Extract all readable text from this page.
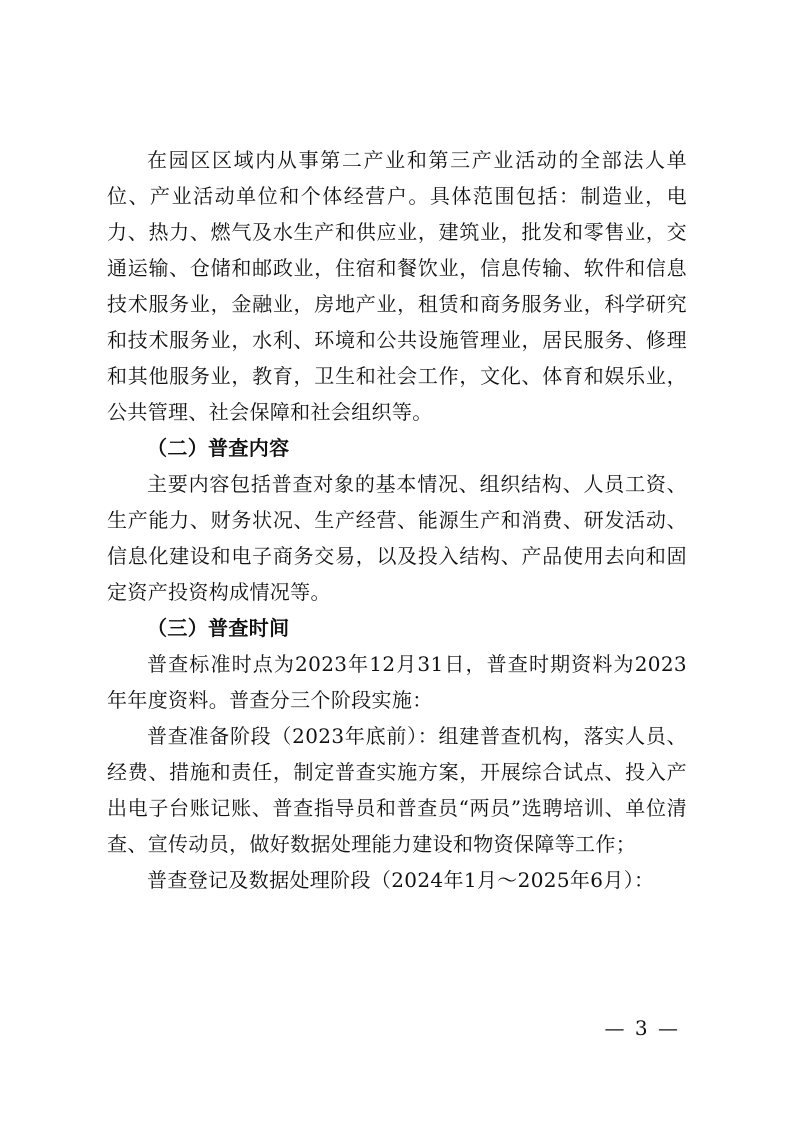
在园区区域内从事第二产业和第三产业活动的全部法人单位、产业活动单位和个体经营户。具体范围包括：制造业，电力、热力、燃气及水生产和供应业，建筑业，批发和零售业，交通运输、仓储和邮政业，住宿和餐饮业，信息传输、软件和信息技术服务业，金融业，房地产业，租赁和商务服务业，科学研究和技术服务业，水利、环境和公共设施管理业，居民服务、修理和其他服务业，教育，卫生和社会工作，文化、体育和娱乐业，公共管理、社会保障和社会组织等。

（二）普查内容

主要内容包括普查对象的基本情况、组织结构、人员工资、生产能力、财务状况、生产经营、能源生产和消费、研发活动、信息化建设和电子商务交易，以及投入结构、产品使用去向和固定资产投资构成情况等。

（三）普查时间

普查标准时点为2023年12月31日，普查时期资料为2023年年度资料。普查分三个阶段实施：

普查准备阶段（2023年底前）：组建普查机构，落实人员、经费、措施和责任，制定普查实施方案，开展综合试点、投入产出电子台账记账、普查指导员和普查员“两员”选聘培训、单位清查、宣传动员，做好数据处理能力建设和物资保障等工作；

普查登记及数据处理阶段（2024年1月～2025年6月）：

— 3 —
